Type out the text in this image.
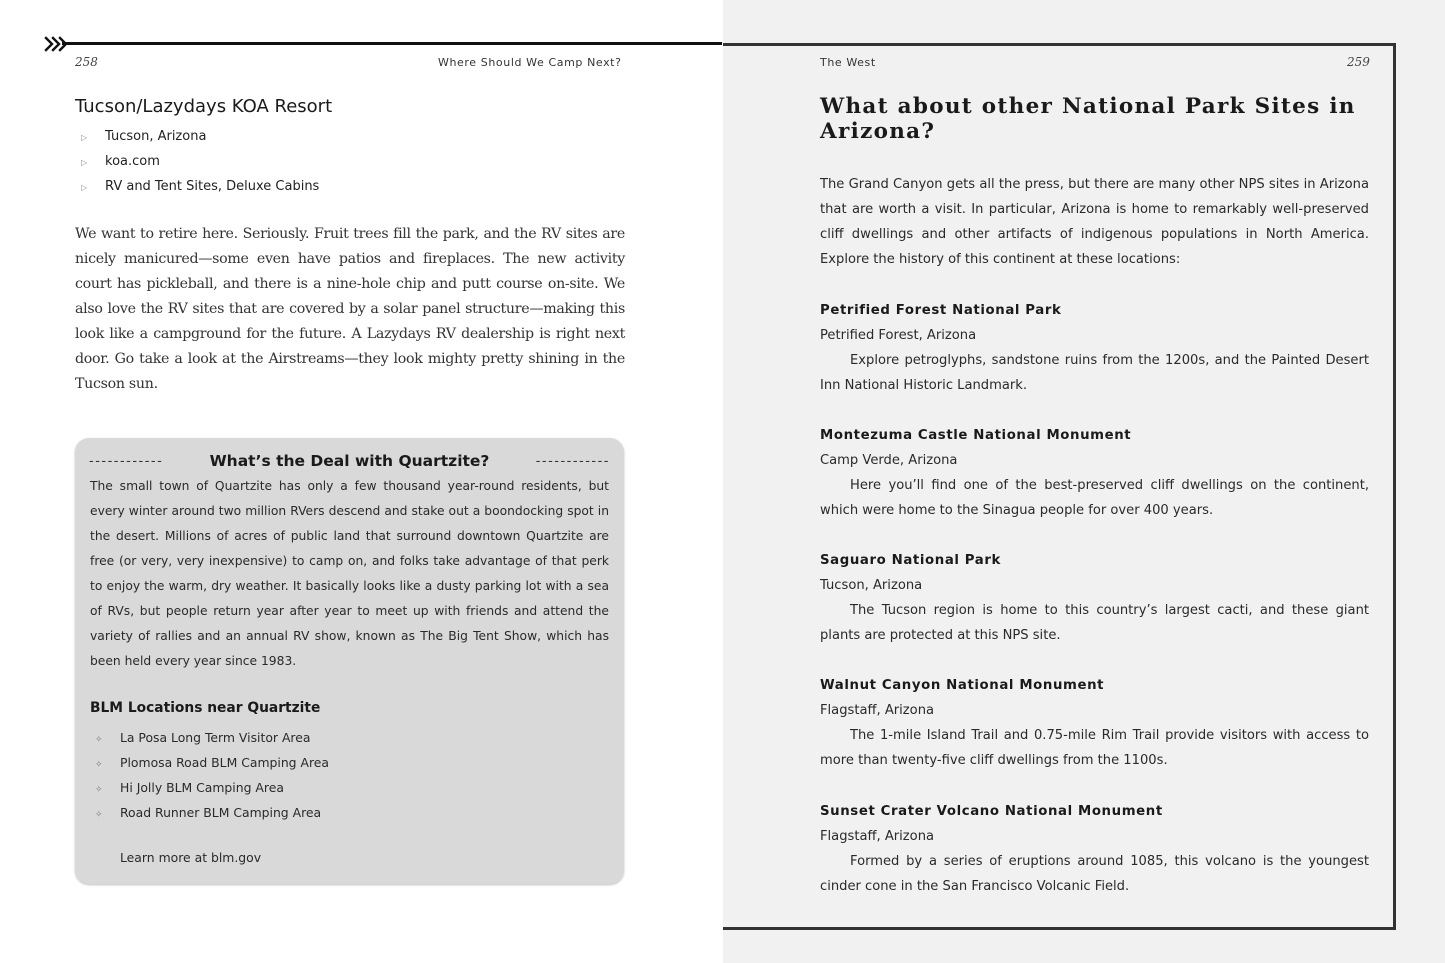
258	Where Should We Camp Next?	The West	259
Tucson/Lazydays KOA Resort
▷ Tucson, Arizona
▷ koa.com
▷ RV and Tent Sites, Deluxe Cabins

We want to retire here. Seriously. Fruit trees fill the park, and the RV sites are nicely manicured—some even have patios and fireplaces. The new activity court has pickleball, and there is a nine-hole chip and putt course on-site. We also love the RV sites that are covered by a solar panel structure—making this look like a campground for the future. A Lazydays RV dealership is right next door. Go take a look at the Airstreams—they look mighty pretty shining in the Tucson sun.

------------	What’s the Deal with Quartzite?	------------

The small town of Quartzite has only a few thousand year-round residents, but every winter around two million RVers descend and stake out a boondocking spot in the desert. Millions of acres of public land that surround downtown Quartzite are free (or very, very inexpensive) to camp on, and folks take advantage of that perk to enjoy the warm, dry weather. It basically looks like a dusty parking lot with a sea of RVs, but people return year after year to meet up with friends and attend the variety of rallies and an annual RV show, known as The Big Tent Show, which has been held every year since 1983.

BLM Locations near Quartzite
✧ La Posa Long Term Visitor Area
✧ Plomosa Road BLM Camping Area
✧ Hi Jolly BLM Camping Area
✧ Road Runner BLM Camping Area
Learn more at blm.gov
What about other National Park Sites in Arizona?

The Grand Canyon gets all the press, but there are many other NPS sites in Arizona that are worth a visit. In particular, Arizona is home to remarkably well-preserved cliff dwellings and other artifacts of indigenous populations in North America. Explore the history of this continent at these locations:

Petrified Forest National Park
Petrified Forest, Arizona

Explore petroglyphs, sandstone ruins from the 1200s, and the Painted Desert Inn National Historic Landmark.

Montezuma Castle National Monument
Camp Verde, Arizona

Here you’ll find one of the best-preserved cliff dwellings on the continent, which were home to the Sinagua people for over 400 years.

Saguaro National Park
Tucson, Arizona

The Tucson region is home to this country’s largest cacti, and these giant plants are protected at this NPS site.

Walnut Canyon National Monument
Flagstaff, Arizona

The 1-mile Island Trail and 0.75-mile Rim Trail provide visitors with access to more than twenty-five cliff dwellings from the 1100s.

Sunset Crater Volcano National Monument
Flagstaff, Arizona

Formed by a series of eruptions around 1085, this volcano is the youngest cinder cone in the San Francisco Volcanic Field.
